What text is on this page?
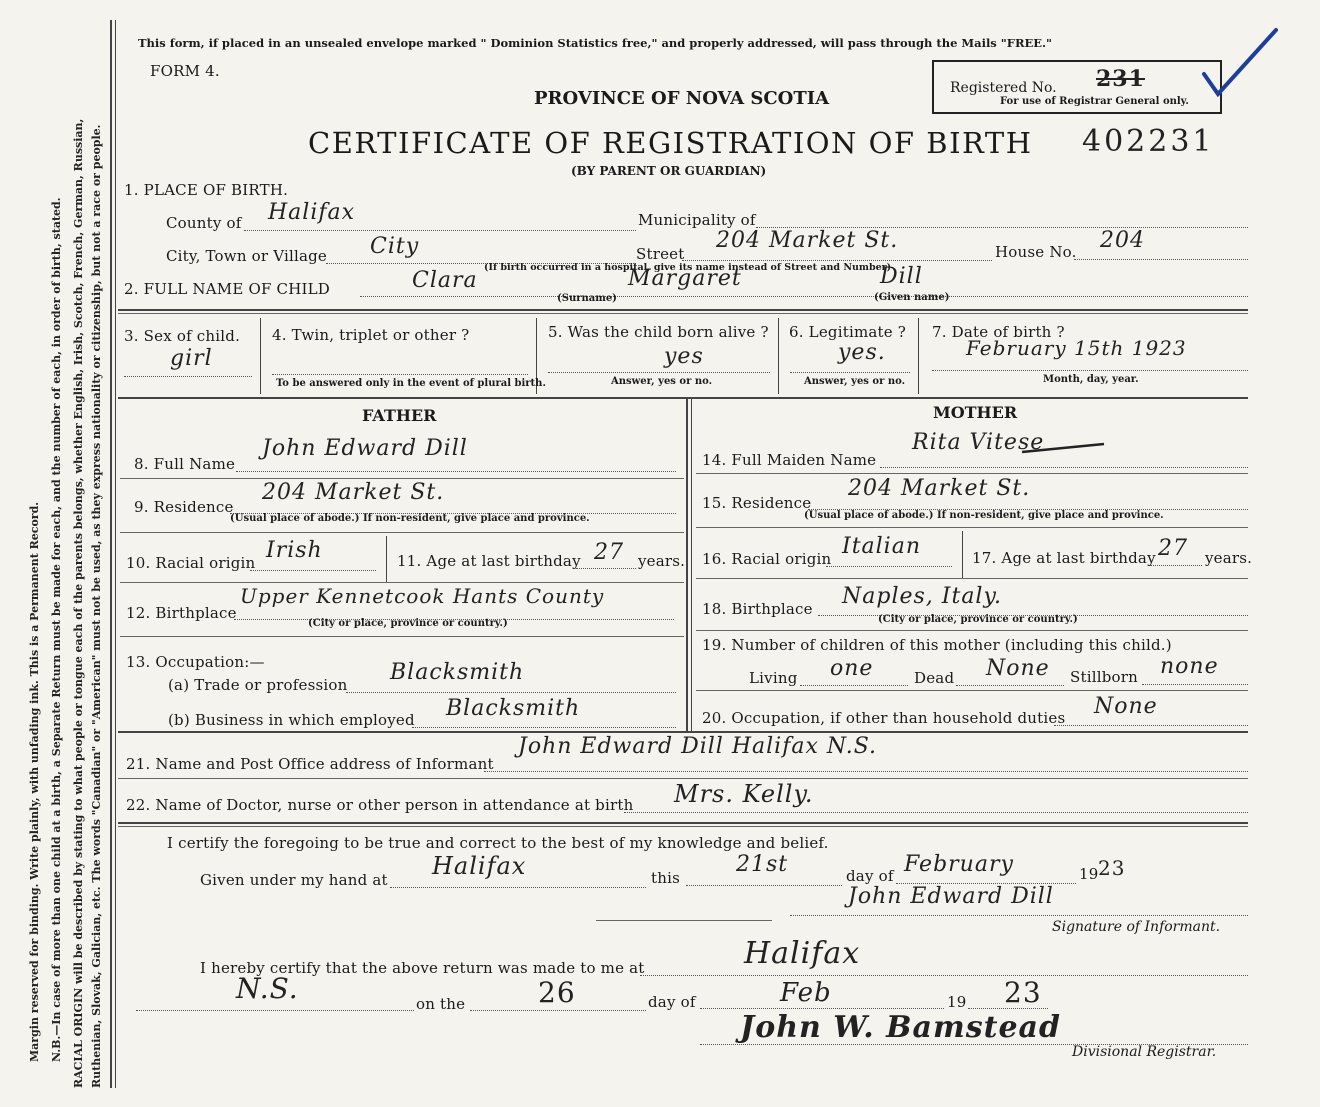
Margin reserved for binding. Write plainly, with unfading ink. This is a Permanent Record. N.B.—In case of more than one child at a birth, a Separate Return must be made for each, and the number of each, in order of birth, stated. RACIAL ORIGIN will be described by stating to what people or tongue each of the parents belongs, whether English, Irish, Scotch, French, German, Russian, Ruthenian, Slovak, Galician, etc. The words "Canadian" or "American" must not be used, as they express nationality or citizenship, but not a race or people.
This form, if placed in an unsealed envelope marked " Dominion Statistics free," and properly addressed, will pass through the Mails "FREE."
FORM 4.
PROVINCE OF NOVA SCOTIA	Registered No. 231
For use of Registrar General only.
CERTIFICATE OF REGISTRATION OF BIRTH 402231
(BY PARENT OR GUARDIAN)
1. PLACE OF BIRTH.
County of Halifax	Municipality of
City, Town or Village City	Street
204 Market St.	House No. 204
(If birth occurred in a hospital, give its name instead of Street and Number)
2. FULL NAME OF CHILD	Clara	Margaret	Dill
(Surname)	(Given name)
3. Sex of child.
girl
4. Twin, triplet or other ?
To be answered only in the event of plural birth.
5. Was the child born alive ?
yes
Answer, yes or no.
6. Legitimate ?
yes.
Answer, yes or no.
7. Date of birth ?
February 15th 1923
Month, day, year.
FATHER	MOTHER
8. Full Name
John Edward Dill
9. Residence
204 Market St.
(Usual place of abode.) If non-resident, give place and province.
10. Racial origin Irish	11. Age at last birthday 27 years.
12. Birthplace
Upper Kennetcook Hants County
(City or place, province or country.)
13. Occupation:—
(a) Trade or profession Blacksmith
(b) Business in which employed Blacksmith
14. Full Maiden Name
Rita Vitese
15. Residence
204 Market St.
(Usual place of abode.) If non-resident, give place and province.
16. Racial origin Italian	17. Age at last birthday 27 years.
18. Birthplace Naples, Italy.
(City or place, province or country.)
19. Number of children of this mother (including this child.)
Living one	Dead None Stillborn none
20. Occupation, if other than household duties None
21. Name and Post Office address of Informant
John Edward Dill Halifax N.S.
22. Name of Doctor, nurse or other person in attendance at birth Mrs. Kelly.
I certify the foregoing to be true and correct to the best of my knowledge and belief.
Given under my hand at Halifax	this
21st	day of February	19 23
John Edward Dill
Signature of Informant.
I hereby certify that the above return was made to me at	Halifax
N.S.	on the	26	day of	Feb	19 23
John W. Bamstead
Divisional Registrar.
